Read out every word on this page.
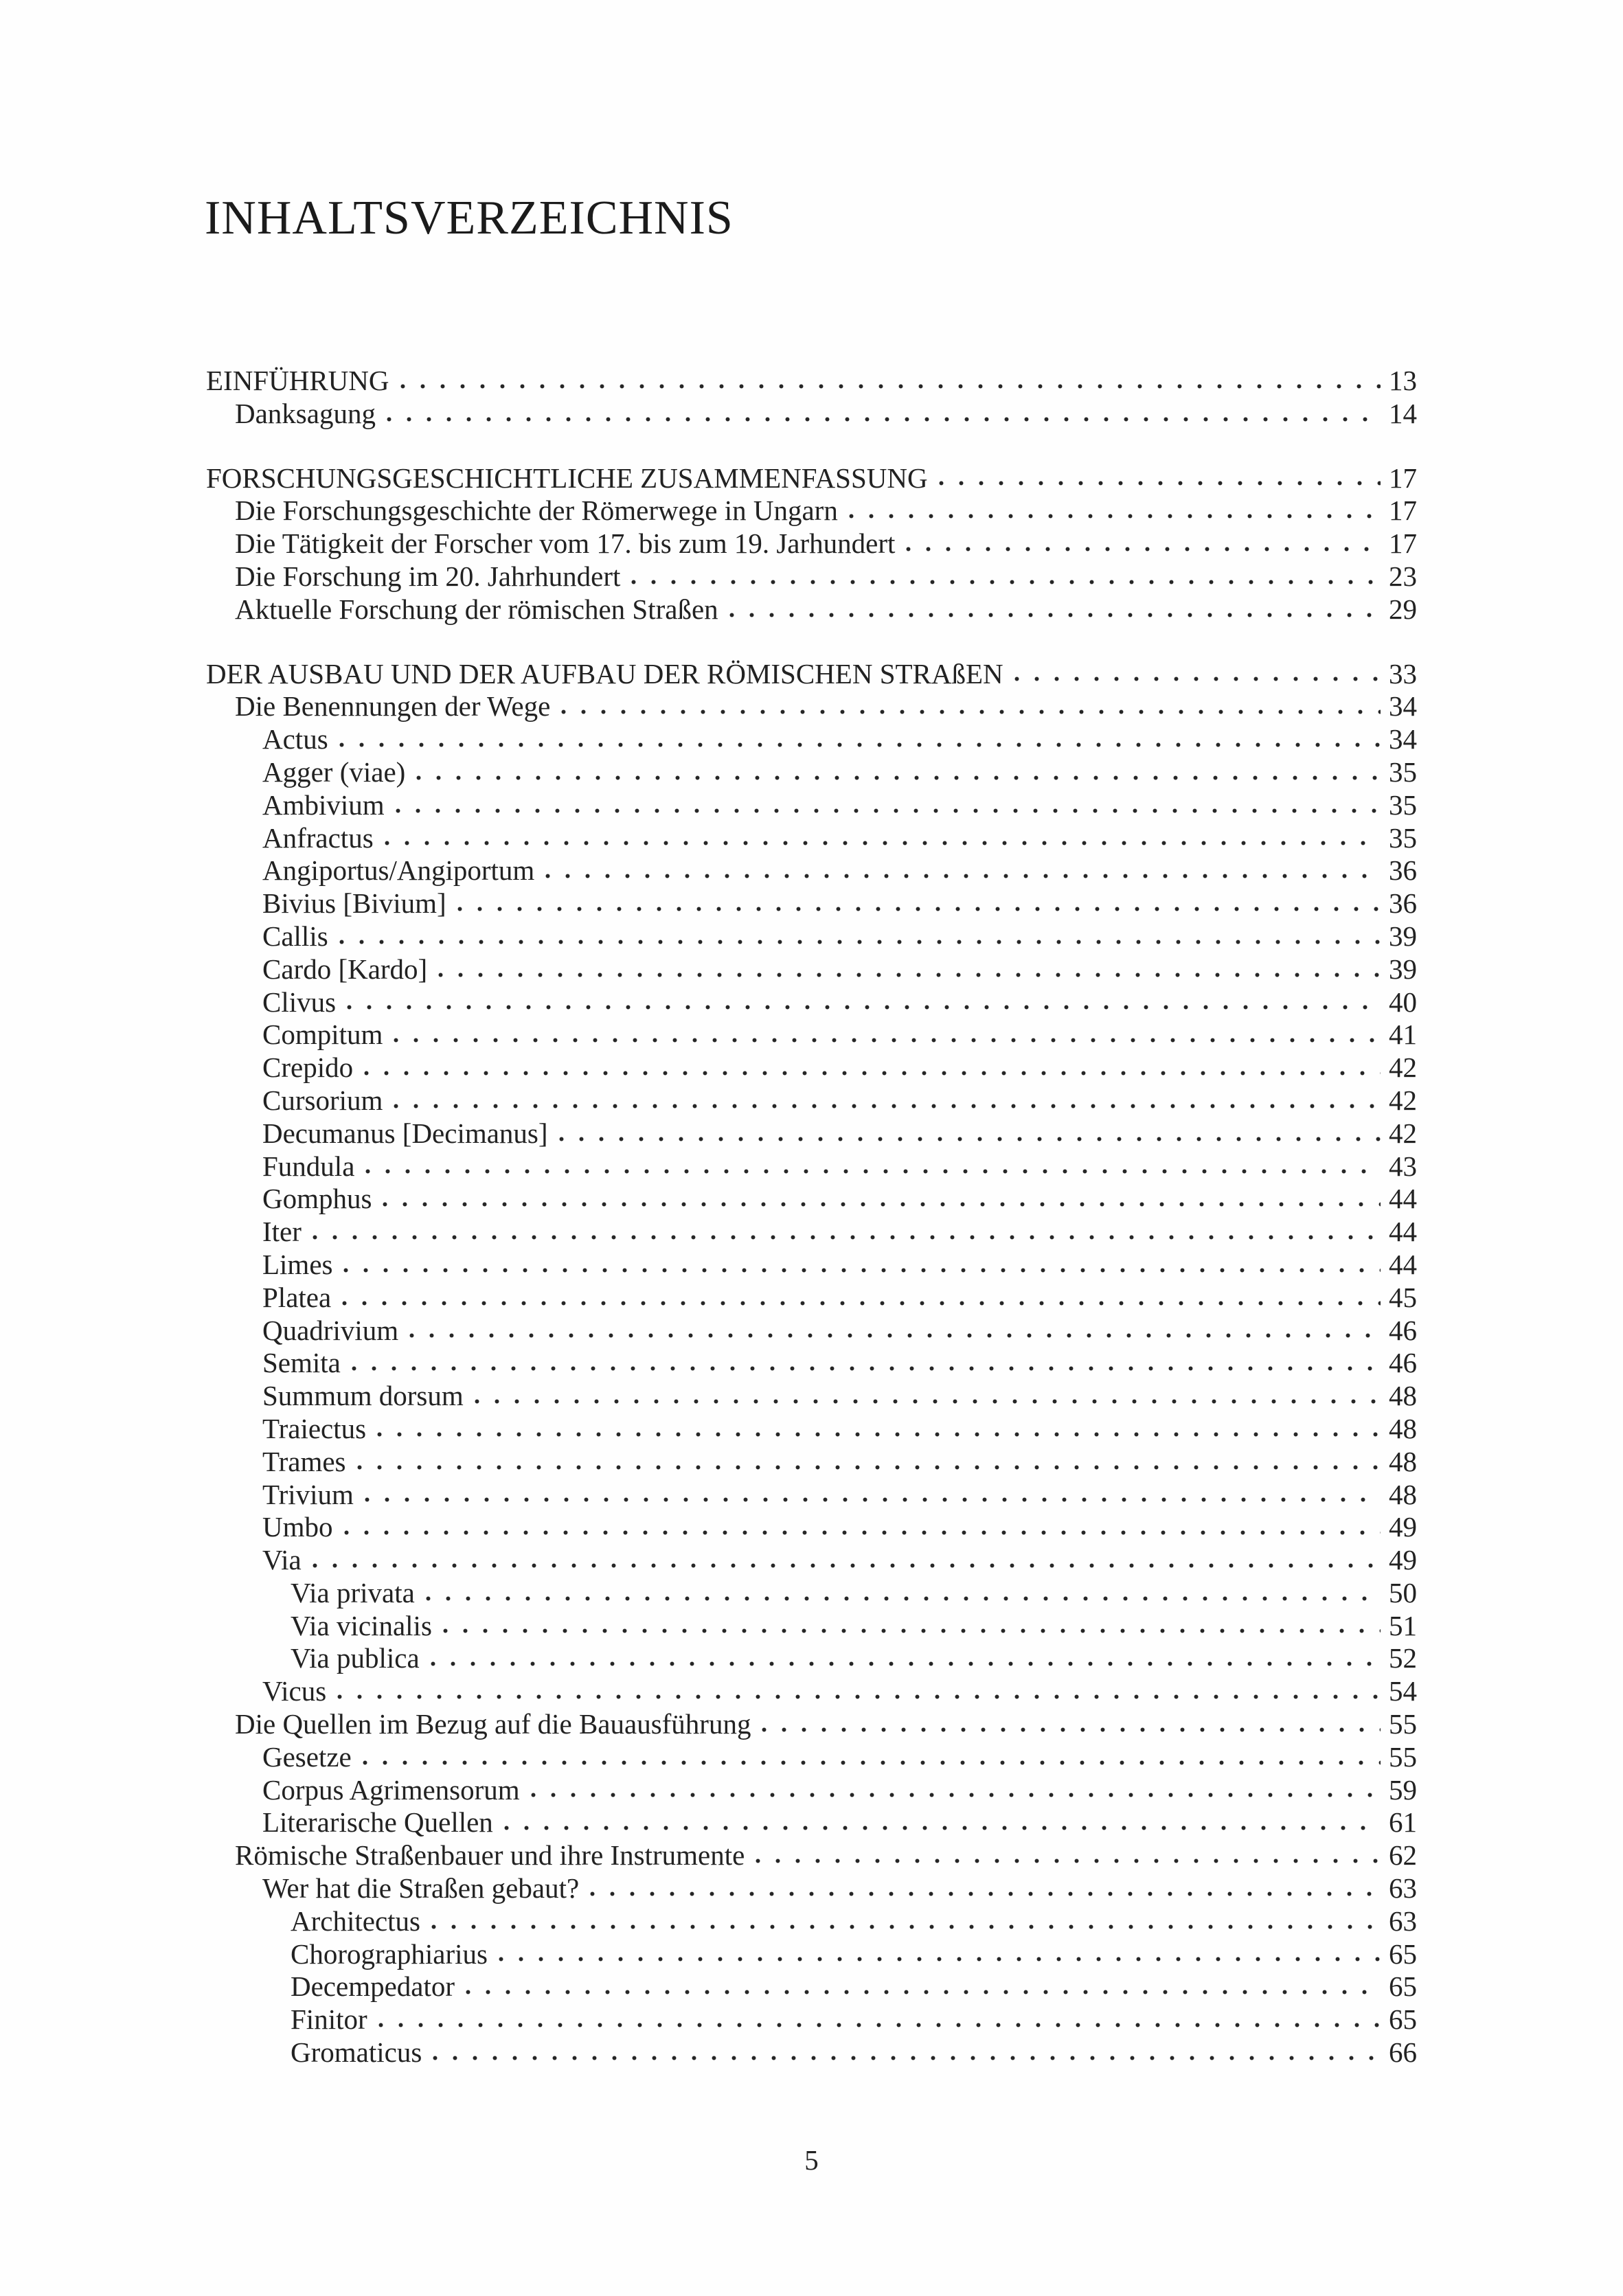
INHALTSVERZEICHNIS
EINFÜHRUNG	13
Danksagung	14
FORSCHUNGSGESCHICHTLICHE ZUSAMMENFASSUNG	17
Die Forschungsgeschichte der Römerwege in Ungarn	17
Die Tätigkeit der Forscher vom 17. bis zum 19. Jarhundert	17
Die Forschung im 20. Jahrhundert	23
Aktuelle Forschung der römischen Straßen	29
DER AUSBAU UND DER AUFBAU DER RÖMISCHEN STRAßEN	33
Die Benennungen der Wege	34
Actus	34
Agger (viae)	35
Ambivium	35
Anfractus	35
Angiportus/Angiportum	36
Bivius [Bivium]	36
Callis	39
Cardo [Kardo]	39
Clivus	40
Compitum	41
Crepido	42
Cursorium	42
Decumanus [Decimanus]	42
Fundula	43
Gomphus	44
Iter	44
Limes	44
Platea	45
Quadrivium	46
Semita	46
Summum dorsum	48
Traiectus	48
Trames	48
Trivium	48
Umbo	49
Via	49
Via privata	50
Via vicinalis	51
Via publica	52
Vicus	54
Die Quellen im Bezug auf die Bauausführung	55
Gesetze	55
Corpus Agrimensorum	59
Literarische Quellen	61
Römische Straßenbauer und ihre Instrumente	62
Wer hat die Straßen gebaut?	63
Architectus	63
Chorographiarius	65
Decempedator	65
Finitor	65
Gromaticus	66
5
